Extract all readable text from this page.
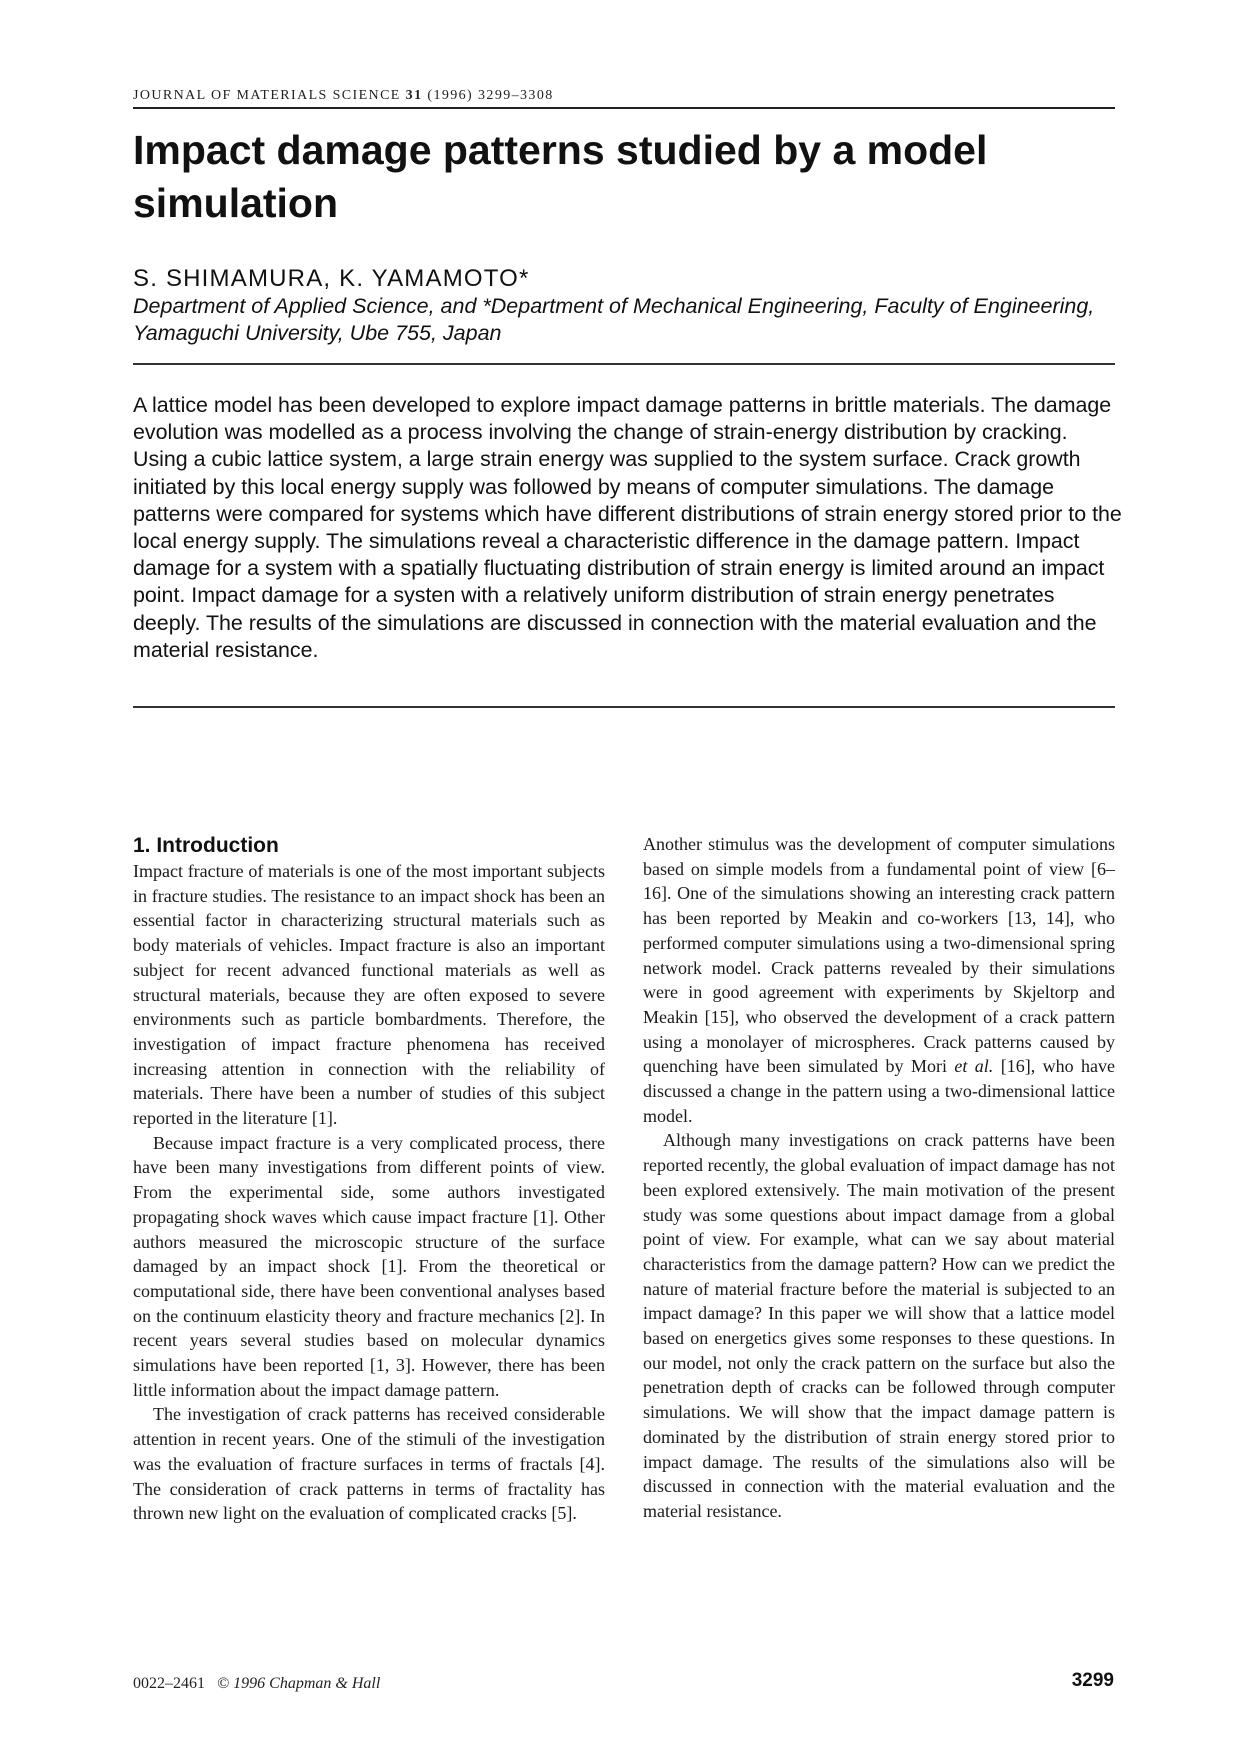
JOURNAL OF MATERIALS SCIENCE 31 (1996) 3299–3308
Impact damage patterns studied by a model simulation
S. SHIMAMURA, K. YAMAMOTO*
Department of Applied Science, and *Department of Mechanical Engineering, Faculty of Engineering, Yamaguchi University, Ube 755, Japan

A lattice model has been developed to explore impact damage patterns in brittle materials. The damage evolution was modelled as a process involving the change of strain-energy distribution by cracking. Using a cubic lattice system, a large strain energy was supplied to the system surface. Crack growth initiated by this local energy supply was followed by means of computer simulations. The damage patterns were compared for systems which have different distributions of strain energy stored prior to the local energy supply. The simulations reveal a characteristic difference in the damage pattern. Impact damage for a system with a spatially fluctuating distribution of strain energy is limited around an impact point. Impact damage for a systen with a relatively uniform distribution of strain energy penetrates deeply. The results of the simulations are discussed in connection with the material evaluation and the material resistance.

1. Introduction

Impact fracture of materials is one of the most important subjects in fracture studies. The resistance to an impact shock has been an essential factor in characterizing structural materials such as body materials of vehicles. Impact fracture is also an important subject for recent advanced functional materials as well as structural materials, because they are often exposed to severe environments such as particle bombardments. Therefore, the investigation of impact fracture phenomena has received increasing attention in connection with the reliability of materials. There have been a number of studies of this subject reported in the literature [1].

Because impact fracture is a very complicated process, there have been many investigations from different points of view. From the experimental side, some authors investigated propagating shock waves which cause impact fracture [1]. Other authors measured the microscopic structure of the surface damaged by an impact shock [1]. From the theoretical or computational side, there have been conventional analyses based on the continuum elasticity theory and fracture mechanics [2]. In recent years several studies based on molecular dynamics simulations have been reported [1, 3]. However, there has been little information about the impact damage pattern.

The investigation of crack patterns has received considerable attention in recent years. One of the stimuli of the investigation was the evaluation of fracture surfaces in terms of fractals [4]. The consideration of crack patterns in terms of fractality has thrown new light on the evaluation of complicated cracks [5].

Another stimulus was the development of computer simulations based on simple models from a fundamental point of view [6–16]. One of the simulations showing an interesting crack pattern has been reported by Meakin and co-workers [13, 14], who performed computer simulations using a two-dimensional spring network model. Crack patterns revealed by their simulations were in good agreement with experiments by Skjeltorp and Meakin [15], who observed the development of a crack pattern using a monolayer of microspheres. Crack patterns caused by quenching have been simulated by Mori et al. [16], who have discussed a change in the pattern using a two-dimensional lattice model.

Although many investigations on crack patterns have been reported recently, the global evaluation of impact damage has not been explored extensively. The main motivation of the present study was some questions about impact damage from a global point of view. For example, what can we say about material characteristics from the damage pattern? How can we predict the nature of material fracture before the material is subjected to an impact damage? In this paper we will show that a lattice model based on energetics gives some responses to these questions. In our model, not only the crack pattern on the surface but also the penetration depth of cracks can be followed through computer simulations. We will show that the impact damage pattern is dominated by the distribution of strain energy stored prior to impact damage. The results of the simulations also will be discussed in connection with the material evaluation and the material resistance.

0022–2461 © 1996 Chapman & Hall	3299
